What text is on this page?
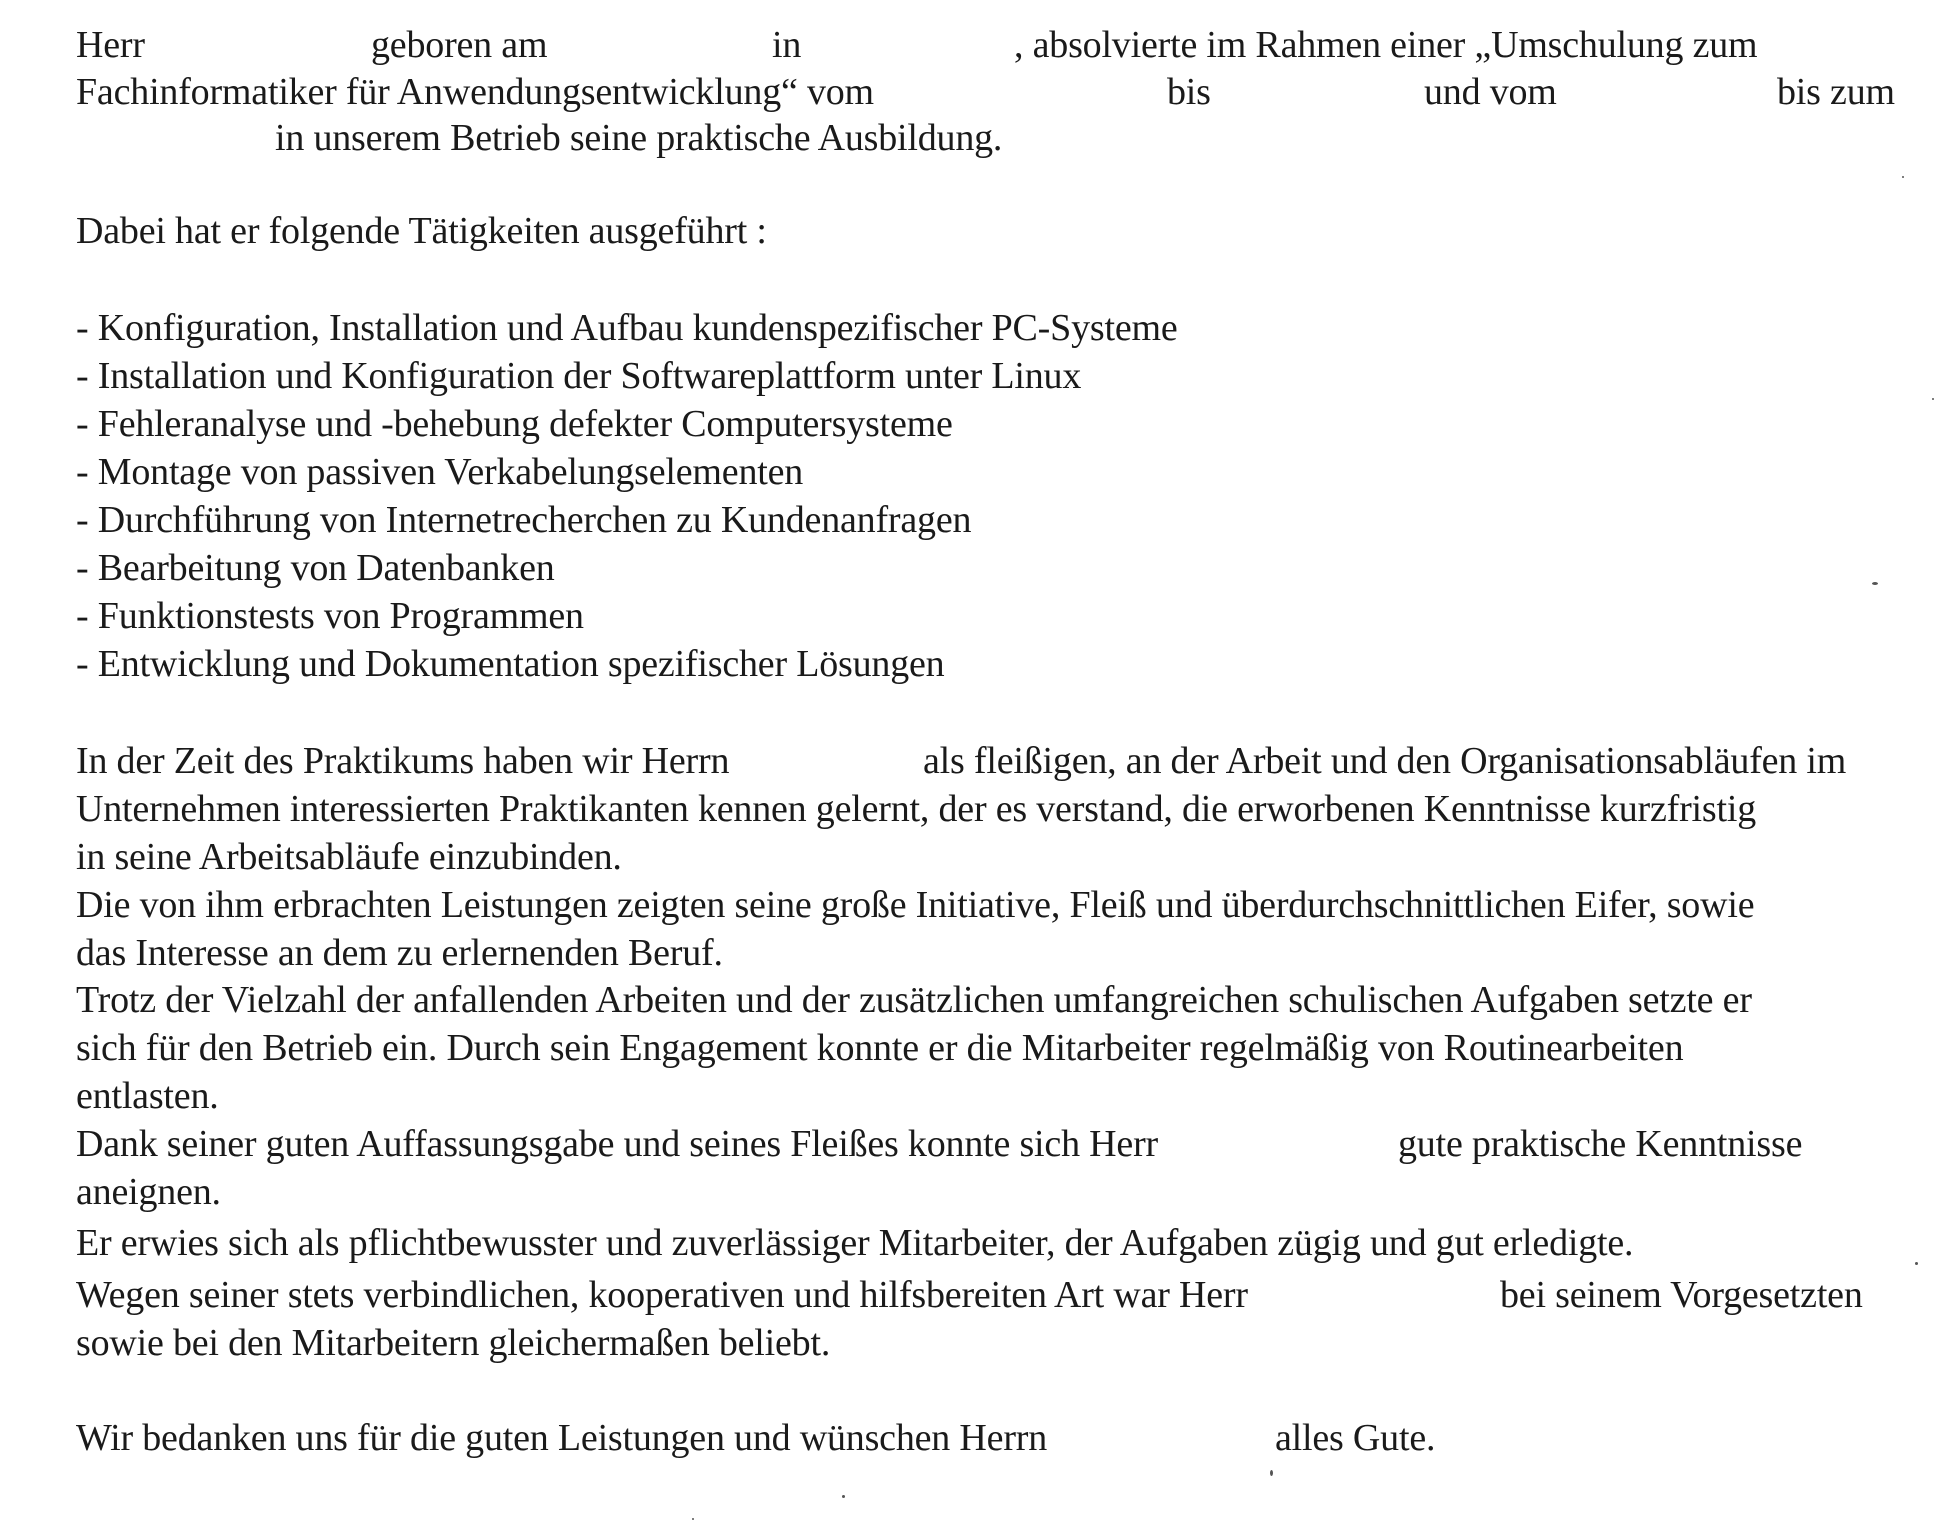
Herr	geboren am	in	, absolvierte im Rahmen einer „Umschulung zum
Fachinformatiker für Anwendungsentwicklung“ vom	bis	und vom	bis zum
in unserem Betrieb seine praktische Ausbildung.
Dabei hat er folgende Tätigkeiten ausgeführt :
- Konfiguration, Installation und Aufbau kundenspezifischer PC-Systeme
- Installation und Konfiguration der Softwareplattform unter Linux
- Fehleranalyse und -behebung defekter Computersysteme
- Montage von passiven Verkabelungselementen
- Durchführung von Internetrecherchen zu Kundenanfragen
- Bearbeitung von Datenbanken
- Funktionstests von Programmen
- Entwicklung und Dokumentation spezifischer Lösungen
In der Zeit des Praktikums haben wir Herrn	als fleißigen, an der Arbeit und den Organisationsabläufen im
Unternehmen interessierten Praktikanten kennen gelernt, der es verstand, die erworbenen Kenntnisse kurzfristig
in seine Arbeitsabläufe einzubinden.
Die von ihm erbrachten Leistungen zeigten seine große Initiative, Fleiß und überdurchschnittlichen Eifer, sowie
das Interesse an dem zu erlernenden Beruf.
Trotz der Vielzahl der anfallenden Arbeiten und der zusätzlichen umfangreichen schulischen Aufgaben setzte er
sich für den Betrieb ein. Durch sein Engagement konnte er die Mitarbeiter regelmäßig von Routinearbeiten
entlasten.
Dank seiner guten Auffassungsgabe und seines Fleißes konnte sich Herr	gute praktische Kenntnisse
aneignen.
Er erwies sich als pflichtbewusster und zuverlässiger Mitarbeiter, der Aufgaben zügig und gut erledigte.
Wegen seiner stets verbindlichen, kooperativen und hilfsbereiten Art war Herr	bei seinem Vorgesetzten
sowie bei den Mitarbeitern gleichermaßen beliebt.
Wir bedanken uns für die guten Leistungen und wünschen Herrn	alles Gute.
